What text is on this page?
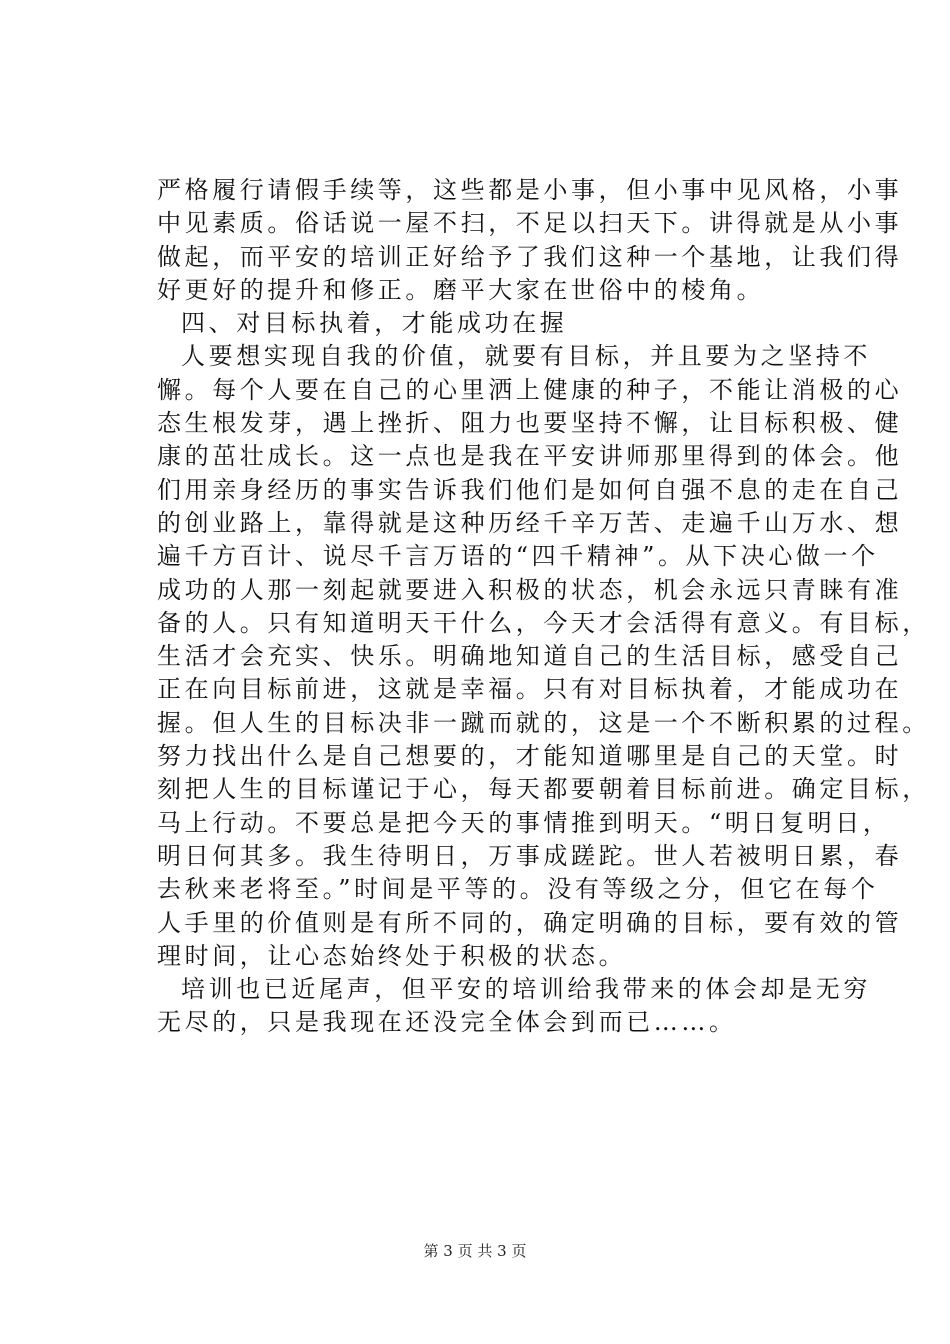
严格履行请假手续等，这些都是小事，但小事中见风格，小事
中见素质。俗话说一屋不扫，不足以扫天下。讲得就是从小事
做起，而平安的培训正好给予了我们这种一个基地，让我们得
好更好的提升和修正。磨平大家在世俗中的棱角。
四、对目标执着，才能成功在握
人要想实现自我的价值，就要有目标，并且要为之坚持不
懈。每个人要在自己的心里洒上健康的种子，不能让消极的心
态生根发芽，遇上挫折、阻力也要坚持不懈，让目标积极、健
康的茁壮成长。这一点也是我在平安讲师那里得到的体会。他
们用亲身经历的事实告诉我们他们是如何自强不息的走在自己
的创业路上，靠得就是这种历经千辛万苦、走遍千山万水、想
遍千方百计、说尽千言万语的“四千精神”。从下决心做一个
成功的人那一刻起就要进入积极的状态，机会永远只青睐有准
备的人。只有知道明天干什么，今天才会活得有意义。有目标，
生活才会充实、快乐。明确地知道自己的生活目标，感受自己
正在向目标前进，这就是幸福。只有对目标执着，才能成功在
握。但人生的目标决非一蹴而就的，这是一个不断积累的过程。
努力找出什么是自己想要的，才能知道哪里是自己的天堂。时
刻把人生的目标谨记于心，每天都要朝着目标前进。确定目标，
马上行动。不要总是把今天的事情推到明天。“明日复明日，
明日何其多。我生待明日，万事成蹉跎。世人若被明日累，春
去秋来老将至。”时间是平等的。没有等级之分，但它在每个
人手里的价值则是有所不同的，确定明确的目标，要有效的管
理时间，让心态始终处于积极的状态。
培训也已近尾声，但平安的培训给我带来的体会却是无穷
无尽的，只是我现在还没完全体会到而已……。
第 3 页 共 3 页
